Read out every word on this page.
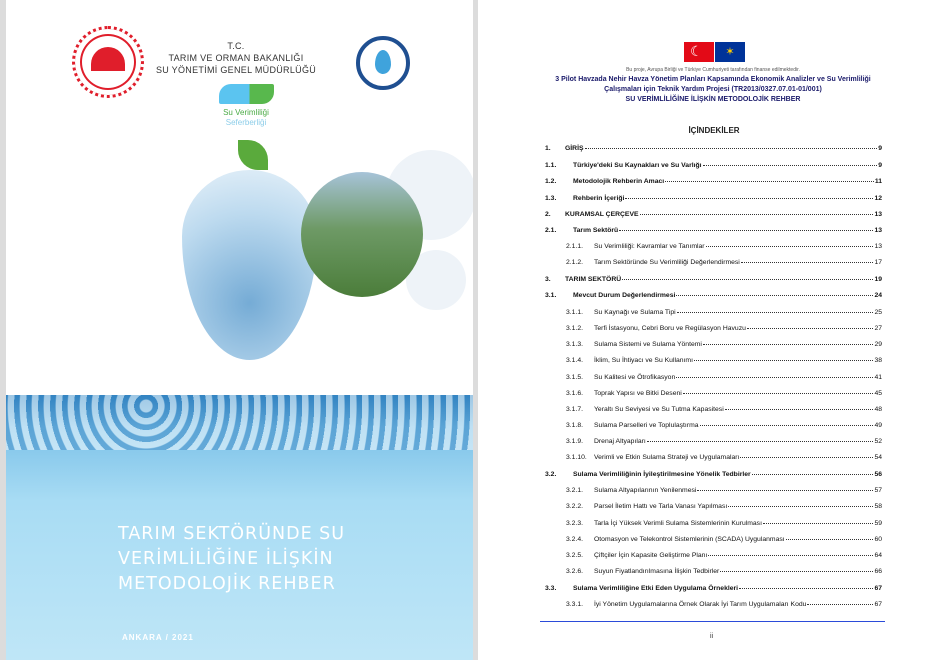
T.C.
TARIM VE ORMAN BAKANLIĞI
SU YÖNETİMİ GENEL MÜDÜRLÜĞÜ
Su Verimliliği
Seferberliği
TARIM SEKTÖRÜNDE SU
VERİMLİLİĞİNE İLİŞKİN
METODOLOJİK REHBER
ANKARA / 2021
☾
✶
Bu proje, Avrupa Birliği ve Türkiye Cumhuriyeti tarafından finanse edilmektedir.
3 Pilot Havzada Nehir Havza Yönetim Planları Kapsamında Ekonomik Analizler ve Su Verimliliği
Çalışmaları için Teknik Yardım Projesi (TR2013/0327.07.01-01/001)
SU VERİMLİLİĞİNE İLİŞKİN METODOLOJİK REHBER
İÇİNDEKİLER
1.	GİRİŞ	9
1.1.	Türkiye'deki Su Kaynakları ve Su Varlığı	9
1.2.	Metodolojik Rehberin Amacı	11
1.3.	Rehberin İçeriği	12
2.	KURAMSAL ÇERÇEVE	13
2.1.	Tarım Sektörü	13
2.1.1.	Su Verimliliği: Kavramlar ve Tanımlar	13
2.1.2.	Tarım Sektöründe Su Verimliliği Değerlendirmesi	17
3.	TARIM SEKTÖRÜ	19
3.1.	Mevcut Durum Değerlendirmesi	24
3.1.1.	Su Kaynağı ve Sulama Tipi	25
3.1.2.	Terfi İstasyonu, Cebri Boru ve Regülasyon Havuzu	27
3.1.3.	Sulama Sistemi ve Sulama Yöntemi	29
3.1.4.	İklim, Su İhtiyacı ve Su Kullanımı	38
3.1.5.	Su Kalitesi ve Ötrofikasyon	41
3.1.6.	Toprak Yapısı ve Bitki Deseni	45
3.1.7.	Yeraltı Su Seviyesi ve Su Tutma Kapasitesi	48
3.1.8.	Sulama Parselleri ve Toplulaştırma	49
3.1.9.	Drenaj Altyapıları	52
3.1.10.	Verimli ve Etkin Sulama Strateji ve Uygulamaları	54
3.2.	Sulama Verimliliğinin İyileştirilmesine Yönelik Tedbirler	56
3.2.1.	Sulama Altyapılarının Yenilenmesi	57
3.2.2.	Parsel İletim Hattı ve Tarla Vanası Yapılması	58
3.2.3.	Tarla İçi Yüksek Verimli Sulama Sistemlerinin Kurulması	59
3.2.4.	Otomasyon ve Telekontrol Sistemlerinin (SCADA) Uygulanması	60
3.2.5.	Çiftçiler İçin Kapasite Geliştirme Planı	64
3.2.6.	Suyun Fiyatlandırılmasına İlişkin Tedbirler	66
3.3.	Sulama Verimliliğine Etki Eden Uygulama Örnekleri	67
3.3.1.	İyi Yönetim Uygulamalarına Örnek Olarak İyi Tarım Uygulamaları Kodu	67
ii
